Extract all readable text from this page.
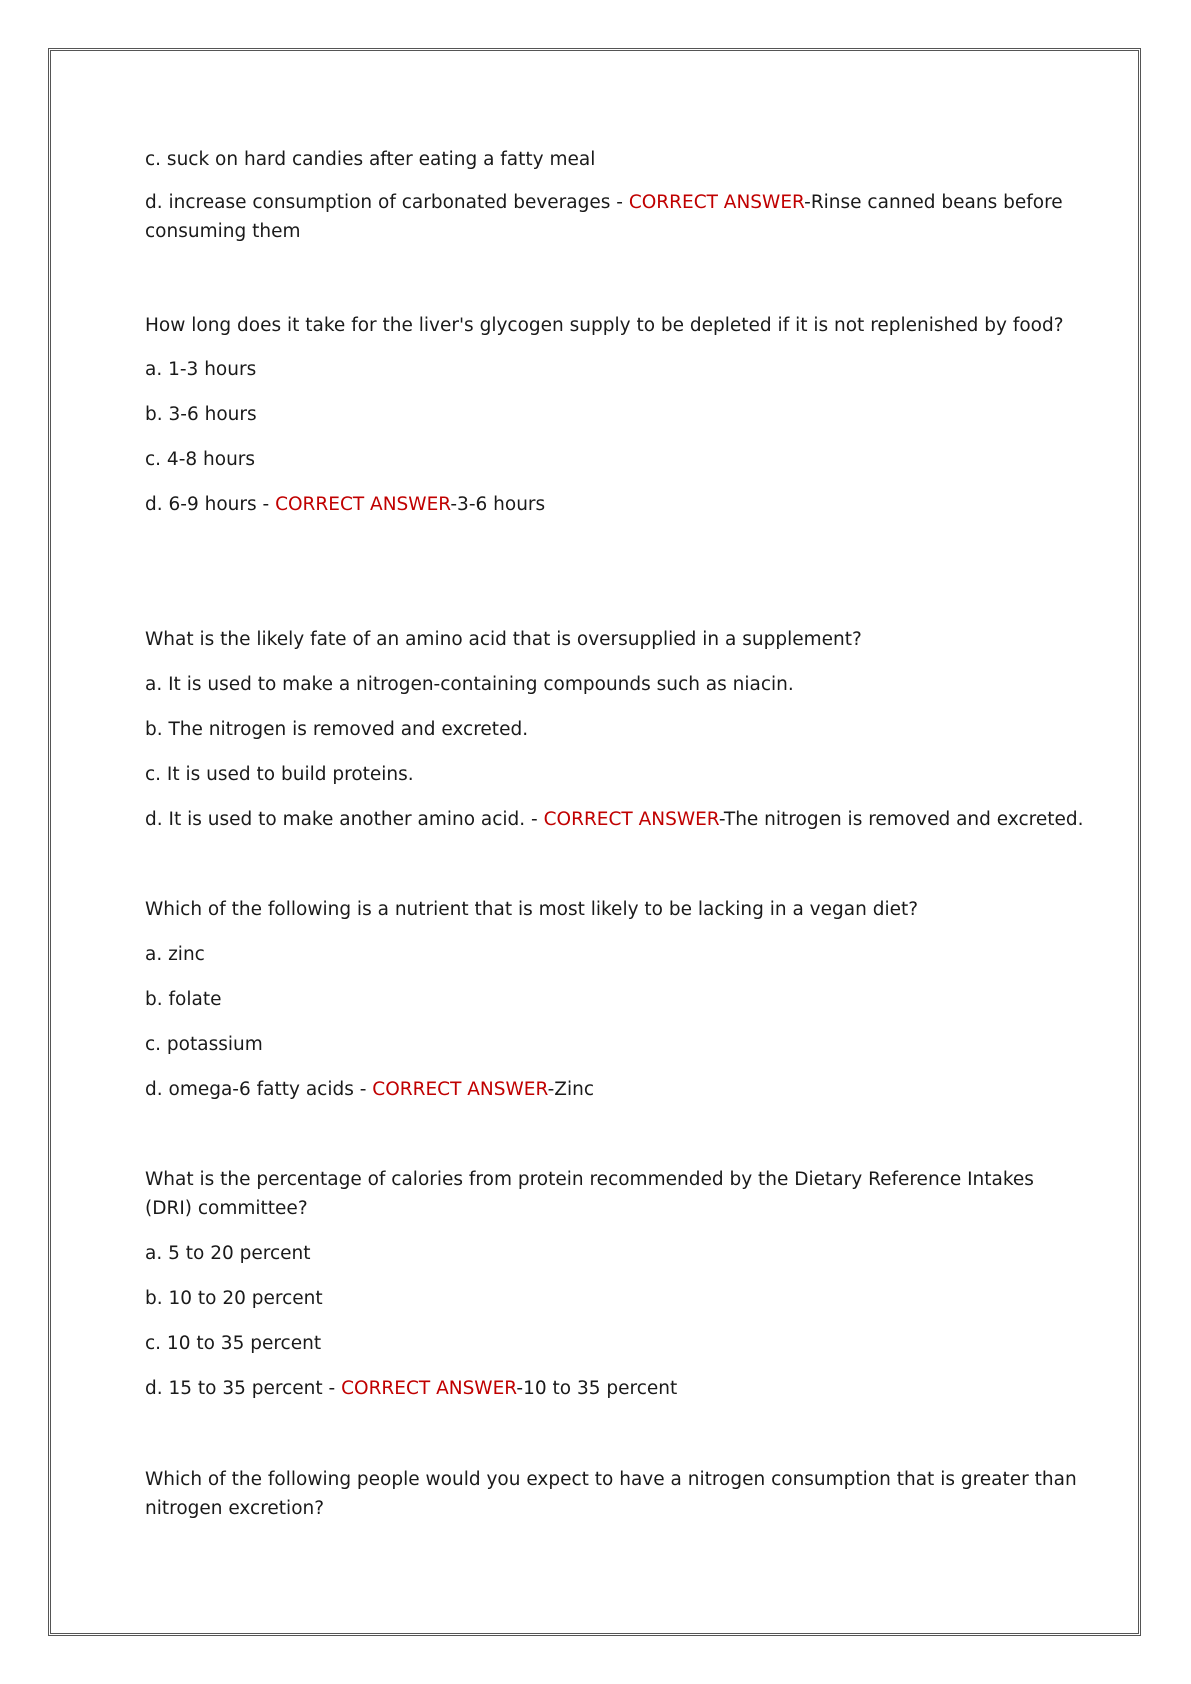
c. suck on hard candies after eating a fatty meal
d. increase consumption of carbonated beverages - CORRECT ANSWER-Rinse canned beans before
consuming them
How long does it take for the liver's glycogen supply to be depleted if it is not replenished by food?
a. 1-3 hours
b. 3-6 hours
c. 4-8 hours
d. 6-9 hours - CORRECT ANSWER-3-6 hours
What is the likely fate of an amino acid that is oversupplied in a supplement?
a. It is used to make a nitrogen-containing compounds such as niacin.
b. The nitrogen is removed and excreted.
c. It is used to build proteins.
d. It is used to make another amino acid. - CORRECT ANSWER-The nitrogen is removed and excreted.
Which of the following is a nutrient that is most likely to be lacking in a vegan diet?
a. zinc
b. folate
c. potassium
d. omega-6 fatty acids - CORRECT ANSWER-Zinc
What is the percentage of calories from protein recommended by the Dietary Reference Intakes
(DRI) committee?
a. 5 to 20 percent
b. 10 to 20 percent
c. 10 to 35 percent
d. 15 to 35 percent - CORRECT ANSWER-10 to 35 percent
Which of the following people would you expect to have a nitrogen consumption that is greater than
nitrogen excretion?
